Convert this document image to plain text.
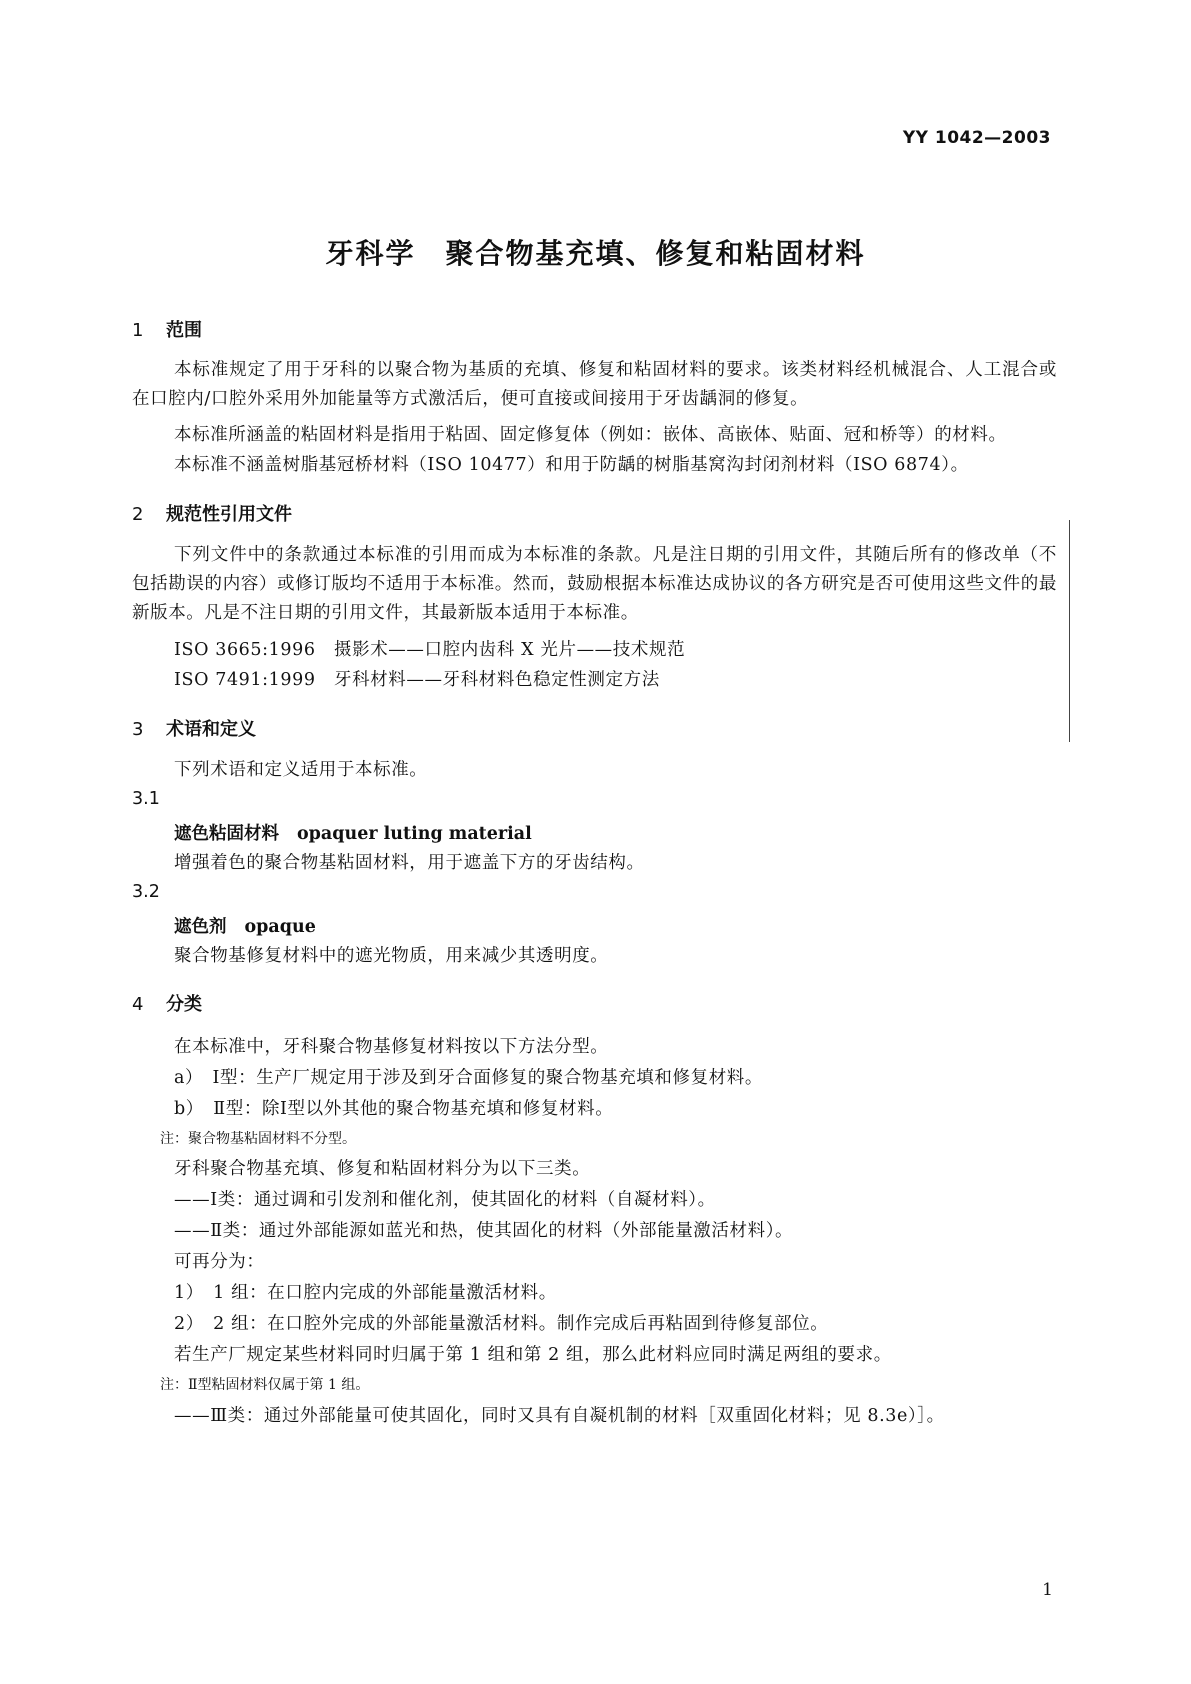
YY 1042—2003
牙科学　聚合物基充填、修复和粘固材料
1 范围
本标准规定了用于牙科的以聚合物为基质的充填、修复和粘固材料的要求。该类材料经机械混合、人工混合或在口腔内/口腔外采用外加能量等方式激活后，便可直接或间接用于牙齿龋洞的修复。
本标准所涵盖的粘固材料是指用于粘固、固定修复体（例如：嵌体、高嵌体、贴面、冠和桥等）的材料。
本标准不涵盖树脂基冠桥材料（ISO 10477）和用于防龋的树脂基窝沟封闭剂材料（ISO 6874）。
2 规范性引用文件
下列文件中的条款通过本标准的引用而成为本标准的条款。凡是注日期的引用文件，其随后所有的修改单（不包括勘误的内容）或修订版均不适用于本标准。然而，鼓励根据本标准达成协议的各方研究是否可使用这些文件的最新版本。凡是不注日期的引用文件，其最新版本适用于本标准。
ISO 3665:1996 摄影术——口腔内齿科 X 光片——技术规范
ISO 7491:1999 牙科材料——牙科材料色稳定性测定方法
3 术语和定义
下列术语和定义适用于本标准。
3.1
遮色粘固材料 opaquer luting material
增强着色的聚合物基粘固材料，用于遮盖下方的牙齿结构。
3.2
遮色剂 opaque
聚合物基修复材料中的遮光物质，用来减少其透明度。
4 分类
在本标准中，牙科聚合物基修复材料按以下方法分型。
a）　Ⅰ型：生产厂规定用于涉及到牙合面修复的聚合物基充填和修复材料。
b）　Ⅱ型：除Ⅰ型以外其他的聚合物基充填和修复材料。
注：聚合物基粘固材料不分型。
牙科聚合物基充填、修复和粘固材料分为以下三类。
——Ⅰ类：通过调和引发剂和催化剂，使其固化的材料（自凝材料）。
——Ⅱ类：通过外部能源如蓝光和热，使其固化的材料（外部能量激活材料）。
可再分为：
1）　1 组：在口腔内完成的外部能量激活材料。
2）　2 组：在口腔外完成的外部能量激活材料。制作完成后再粘固到待修复部位。
若生产厂规定某些材料同时归属于第 1 组和第 2 组，那么此材料应同时满足两组的要求。
注：Ⅱ型粘固材料仅属于第 1 组。
——Ⅲ类：通过外部能量可使其固化，同时又具有自凝机制的材料［双重固化材料；见 8.3e）］。
1
